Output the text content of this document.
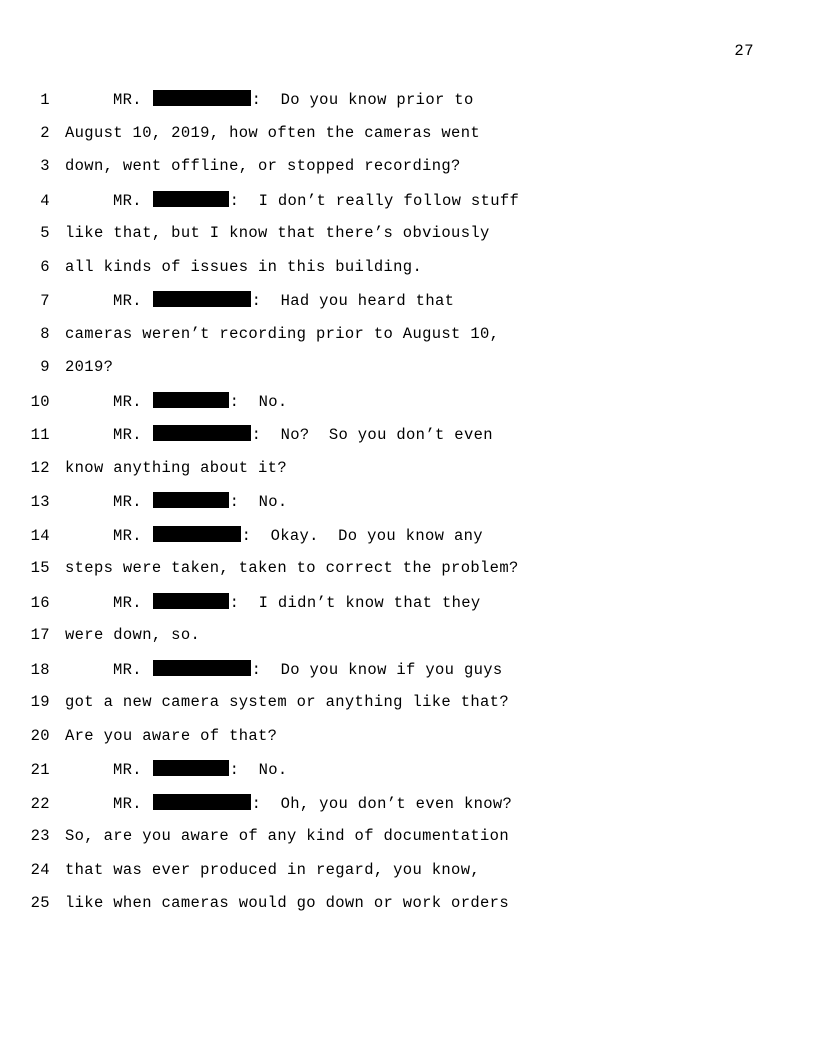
27
1	MR.	:  Do you know prior to
2 August 10, 2019, how often the cameras went
3 down, went offline, or stopped recording?
4	MR.	:  I don’t really follow stuff
5 like that, but I know that there’s obviously
6 all kinds of issues in this building.
7	MR.	:  Had you heard that
8 cameras weren’t recording prior to August 10,
9 2019?
10	MR.	:  No.
11	MR.	:  No?  So you don’t even
12 know anything about it?
13	MR.	:  No.
14	MR.	:  Okay.  Do you know any
15 steps were taken, taken to correct the problem?
16	MR.	:  I didn’t know that they
17 were down, so.
18	MR.	:  Do you know if you guys
19 got a new camera system or anything like that?
20 Are you aware of that?
21	MR.	:  No.
22	MR.	:  Oh, you don’t even know?
23 So, are you aware of any kind of documentation
24 that was ever produced in regard, you know,
25 like when cameras would go down or work orders
